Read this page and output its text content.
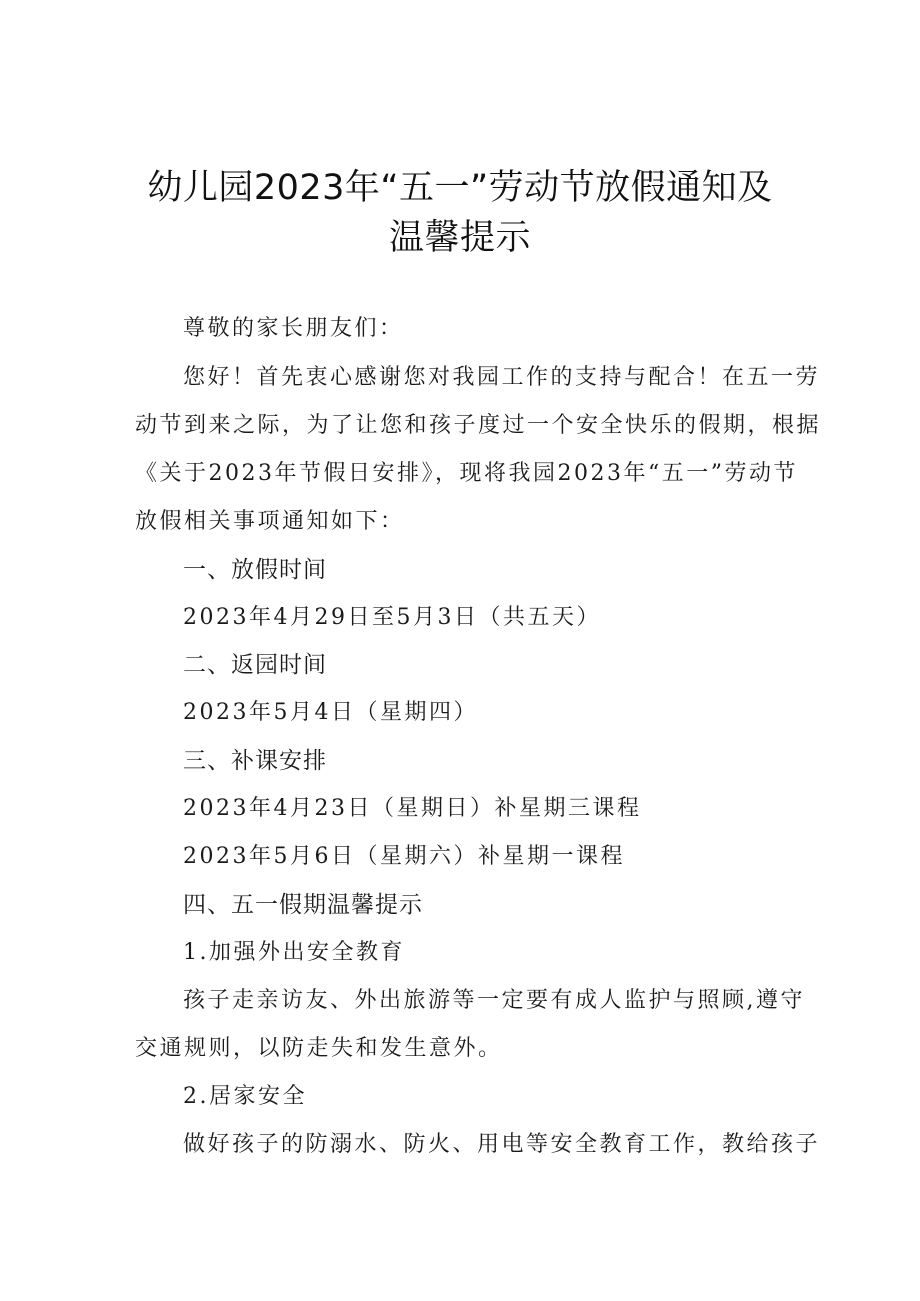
幼儿园2023年“五一”劳动节放假通知及
温馨提示
尊敬的家长朋友们：
您好！首先衷心感谢您对我园工作的支持与配合！在五一劳
动节到来之际，为了让您和孩子度过一个安全快乐的假期，根据
《关于2023年节假日安排》，现将我园2023年“五一”劳动节
放假相关事项通知如下：
一、放假时间
2023年4月29日至5月3日（共五天）
二、返园时间
2023年5月4日（星期四）
三、补课安排
2023年4月23日（星期日）补星期三课程
2023年5月6日（星期六）补星期一课程
四、五一假期温馨提示
1.加强外出安全教育
孩子走亲访友、外出旅游等一定要有成人监护与照顾,遵守
交通规则，以防走失和发生意外。
2.居家安全
做好孩子的防溺水、防火、用电等安全教育工作，教给孩子
